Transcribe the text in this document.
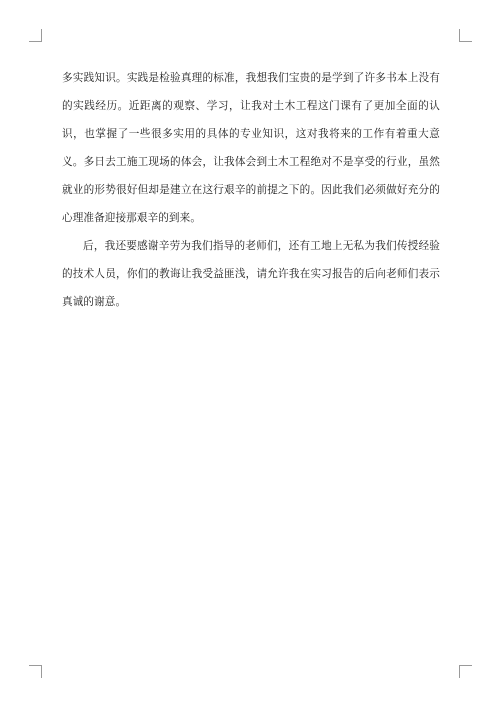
多实践知识。实践是检验真理的标准，我想我们宝贵的是学到了许多书本上没有的实践经历。近距离的观察、学习，让我对土木工程这门课有了更加全面的认识，也掌握了一些很多实用的具体的专业知识，这对我将来的工作有着重大意义。多日去工施工现场的体会，让我体会到土木工程绝对不是享受的行业，虽然就业的形势很好但却是建立在这行艰辛的前提之下的。因此我们必须做好充分的心理准备迎接那艰辛的到来。

后，我还要感谢辛劳为我们指导的老师们，还有工地上无私为我们传授经验的技术人员，你们的教诲让我受益匪浅，请允许我在实习报告的后向老师们表示真诚的谢意。
